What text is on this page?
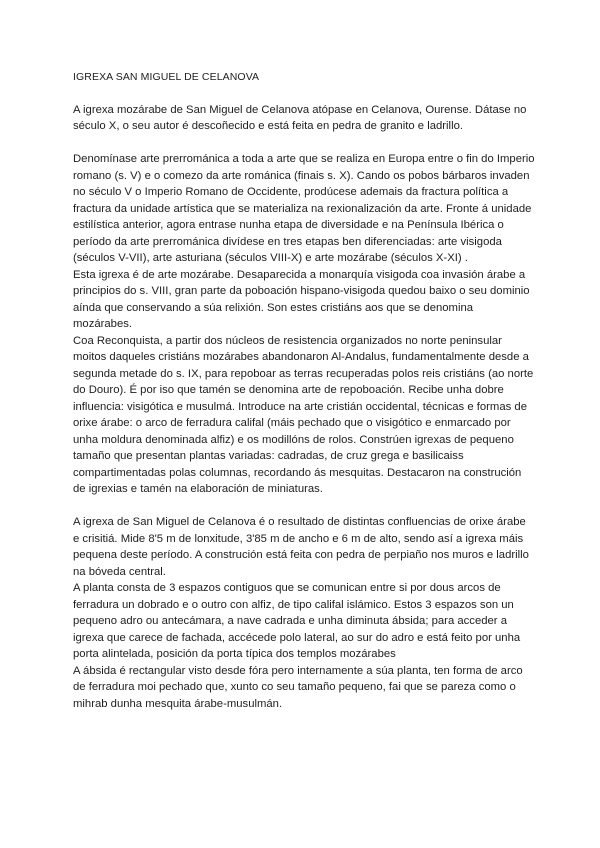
IGREXA SAN MIGUEL DE CELANOVA

A igrexa mozárabe de San Miguel de Celanova atópase en Celanova, Ourense. Dátase no século X, o seu autor é descoñecido e está feita en pedra de granito e ladrillo.

Denomínase arte prerrománica a toda a arte que se realiza en Europa entre o fin do Imperio romano (s. V) e o comezo da arte románica (finais s. X). Cando os pobos bárbaros invaden no século V o Imperio Romano de Occidente, prodúcese ademais da fractura política a fractura da unidade artística que se materializa na rexionalización da arte. Fronte á unidade estilística anterior, agora entrase nunha etapa de diversidade e na Península Ibérica o período da arte prerrománica divídese en tres etapas ben diferenciadas: arte visigoda (séculos V-VII), arte asturiana (séculos VIII-X) e arte mozárabe (séculos X-XI) .

Esta igrexa é de arte mozárabe. Desaparecida a monarquía visigoda coa invasión árabe a principios do s. VIII, gran parte da poboación hispano-visigoda quedou baixo o seu dominio aínda que conservando a súa relixión. Son estes cristiáns aos que se denomina mozárabes.

Coa Reconquista, a partir dos núcleos de resistencia organizados no norte peninsular moitos daqueles cristiáns mozárabes abandonaron Al-Andalus, fundamentalmente desde a segunda metade do s. IX, para repoboar as terras recuperadas polos reis cristiáns (ao norte do Douro). É por iso que tamén se denomina arte de repoboación. Recibe unha dobre influencia: visigótica e musulmá. Introduce na arte cristián occidental, técnicas e formas de orixe árabe: o arco de ferradura califal (máis pechado que o visigótico e enmarcado por unha moldura denominada alfiz) e os modillóns de rolos. Constrúen igrexas de pequeno tamaño que presentan plantas variadas: cadradas, de cruz grega e basilicaiss compartimentadas polas columnas, recordando ás mesquitas. Destacaron na construción de igrexias e tamén na elaboración de miniaturas.

A igrexa de San Miguel de Celanova é o resultado de distintas confluencias de orixe árabe e crisitiá. Mide 8'5 m de lonxitude, 3'85 m de ancho e 6 m de alto, sendo así a igrexa máis pequena deste período. A construción está feita con pedra de perpiaño nos muros e ladrillo na bóveda central.

A planta consta de 3 espazos contiguos que se comunican entre si por dous arcos de ferradura un dobrado e o outro con alfiz, de tipo califal islámico. Estos 3 espazos son un pequeno adro ou antecámara, a nave cadrada e unha diminuta ábsida; para acceder a igrexa que carece de fachada, accécede polo lateral, ao sur do adro e está feito por unha porta alintelada, posición da porta típica dos templos mozárabes

A ábsida é rectangular visto desde fóra pero internamente a súa planta, ten forma de arco de ferradura moi pechado que, xunto co seu tamaño pequeno, fai que se pareza como o mihrab dunha mesquita árabe-musulmán.
